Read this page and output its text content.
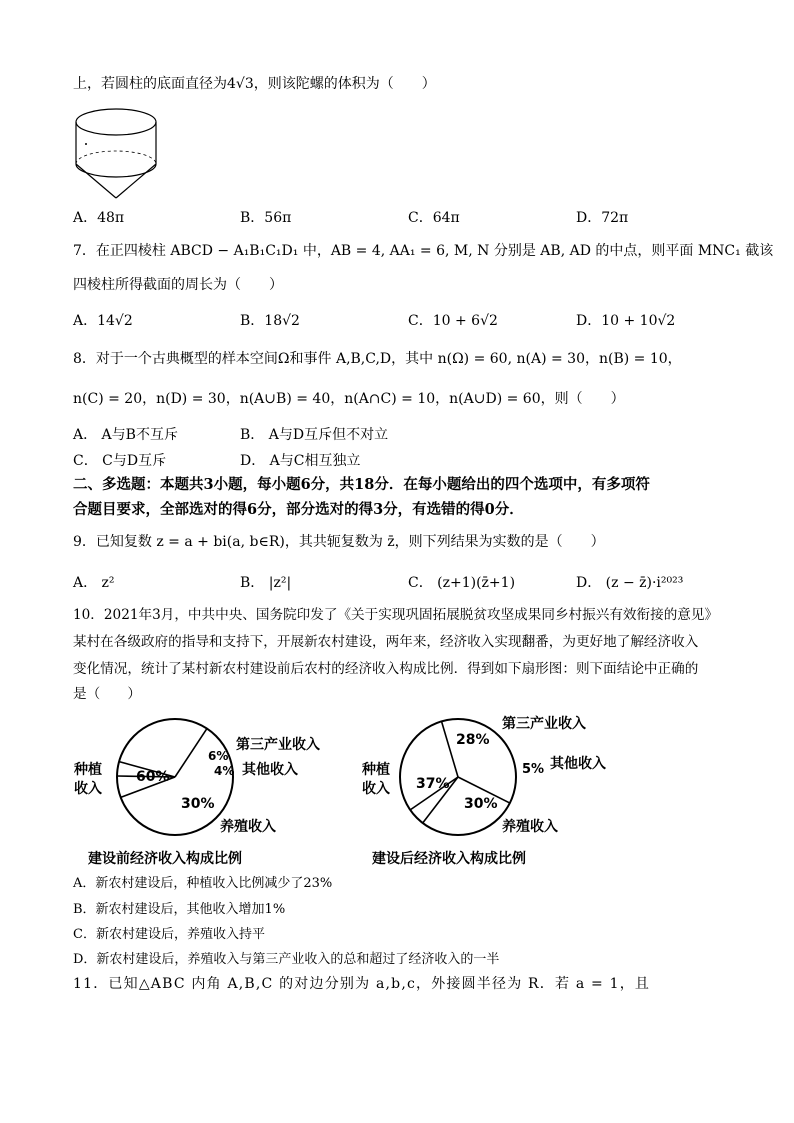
上，若圆柱的底面直径为4√3，则该陀螺的体积为（　　）
A．48π	B．56π	C．64π	D．72π
7．在正四棱柱 ABCD − A₁B₁C₁D₁ 中，AB = 4, AA₁ = 6, M, N 分别是 AB, AD 的中点，则平面 MNC₁ 截该
四棱柱所得截面的周长为（　　）
A．14√2	B．18√2	C．10 + 6√2	D．10 + 10√2
8．对于一个古典概型的样本空间Ω和事件 A,B,C,D，其中 n(Ω) = 60, n(A) = 30，n(B) = 10，
n(C) = 20，n(D) = 30，n(A∪B) = 40，n(A∩C) = 10，n(A∪D) = 60，则（　　）
A． A与B不互斥	B． A与D互斥但不对立
C． C与D互斥	D． A与C相互独立
二、多选题：本题共3小题，每小题6分，共18分．在每小题给出的四个选项中，有多项符
合题目要求，全部选对的得6分，部分选对的得3分，有选错的得0分．
9．已知复数 z = a + bi(a, b∈R)，其共轭复数为 z̄，则下列结果为实数的是（　　）
A． z²	B． |z²|	C． (z+1)(z̄+1)	D． (z − z̄)·i²⁰²³
10．2021年3月，中共中央、国务院印发了《关于实现巩固拓展脱贫攻坚成果同乡村振兴有效衔接的意见》
某村在各级政府的指导和支持下，开展新农村建设，两年来，经济收入实现翻番，为更好地了解经济收入
变化情况，统计了某村新农村建设前后农村的经济收入构成比例．得到如下扇形图：则下面结论中正确的
是（　　）
种植
收入
60%
6%
4%
30%
第三产业收入
其他收入
养殖收入
建设前经济收入构成比例
种植
收入 37%
28%
5%
30%
第三产业收入
其他收入
养殖收入
建设后经济收入构成比例
A．新农村建设后，种植收入比例减少了23%
B．新农村建设后，其他收入增加1%
C．新农村建设后，养殖收入持平
D．新农村建设后，养殖收入与第三产业收入的总和超过了经济收入的一半
11．已知△ABC 内角 A,B,C 的对边分别为 a,b,c，外接圆半径为 R．若 a = 1，且
